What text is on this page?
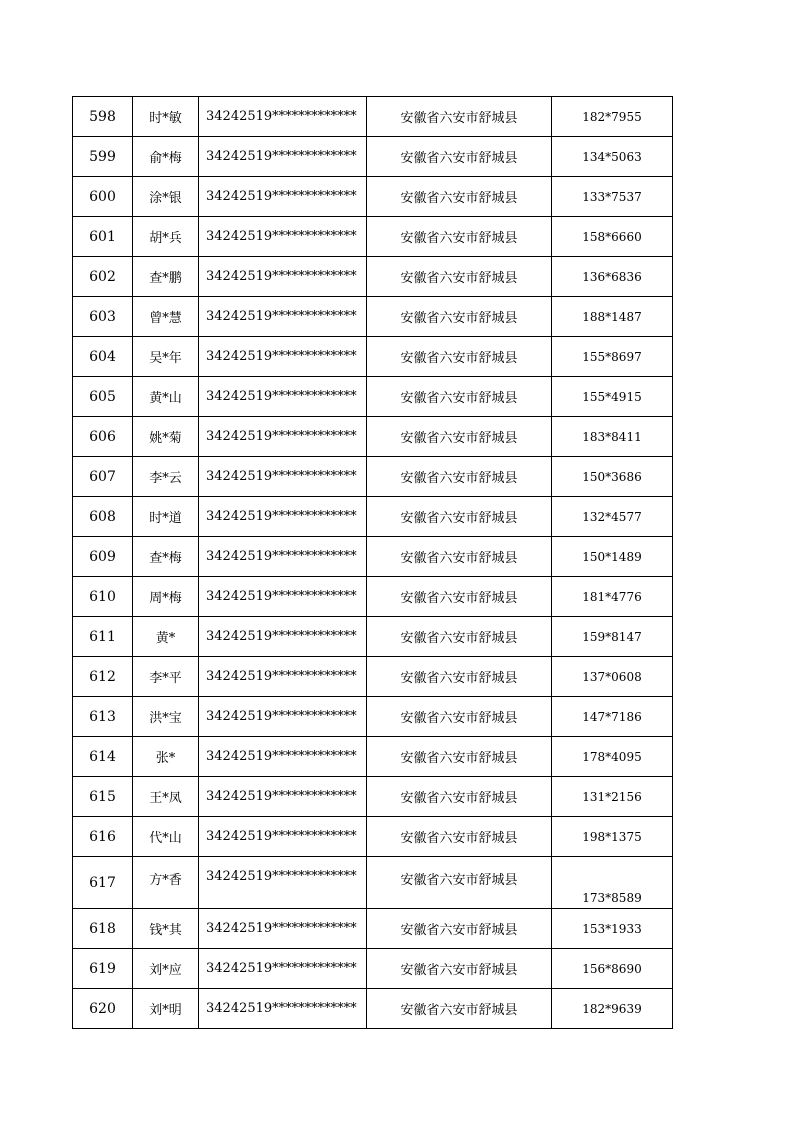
598	时*敏	34242519*************	安徽省六安市舒城县	182*7955
599	俞*梅	34242519*************	安徽省六安市舒城县	134*5063
600	涂*银	34242519*************	安徽省六安市舒城县	133*7537
601	胡*兵	34242519*************	安徽省六安市舒城县	158*6660
602	查*鹏	34242519*************	安徽省六安市舒城县	136*6836
603	曾*慧	34242519*************	安徽省六安市舒城县	188*1487
604	吴*年	34242519*************	安徽省六安市舒城县	155*8697
605	黄*山	34242519*************	安徽省六安市舒城县	155*4915
606	姚*菊	34242519*************	安徽省六安市舒城县	183*8411
607	李*云	34242519*************	安徽省六安市舒城县	150*3686
608	时*道	34242519*************	安徽省六安市舒城县	132*4577
609	查*梅	34242519*************	安徽省六安市舒城县	150*1489
610	周*梅	34242519*************	安徽省六安市舒城县	181*4776
611	黄*	34242519*************	安徽省六安市舒城县	159*8147
612	李*平	34242519*************	安徽省六安市舒城县	137*0608
613	洪*宝	34242519*************	安徽省六安市舒城县	147*7186
614	张*	34242519*************	安徽省六安市舒城县	178*4095
615	王*凤	34242519*************	安徽省六安市舒城县	131*2156
616	代*山	34242519*************	安徽省六安市舒城县	198*1375
617	方*香	34242519*************	安徽省六安市舒城县	173*8589
618	钱*其	34242519*************	安徽省六安市舒城县	153*1933
619	刘*应	34242519*************	安徽省六安市舒城县	156*8690
620	刘*明	34242519*************	安徽省六安市舒城县	182*9639
